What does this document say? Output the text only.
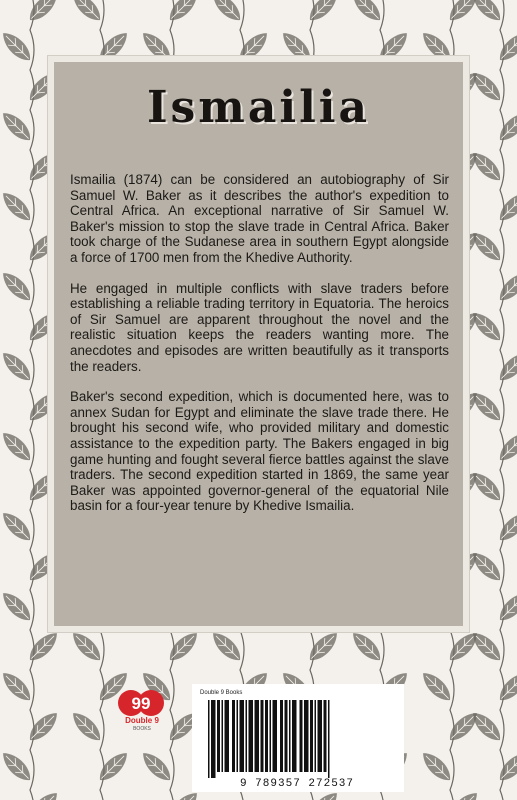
Ismailia

Ismailia (1874) can be considered an autobiography of Sir Samuel W. Baker as it describes the author's expedition to Central Africa. An exceptional narrative of Sir Samuel W. Baker's mission to stop the slave trade in Central Africa. Baker took charge of the Sudanese area in southern Egypt alongside a force of 1700 men from the Khedive Authority.

He engaged in multiple conflicts with slave traders before establishing a reliable trading territory in Equatoria. The heroics of Sir Samuel are apparent throughout the novel and the realistic situation keeps the readers wanting more. The anecdotes and episodes are written beautifully as it transports the readers.

Baker's second expedition, which is documented here, was to annex Sudan for Egypt and eliminate the slave trade there. He brought his second wife, who provided military and domestic assistance to the expedition party. The Bakers engaged in big game hunting and fought several fierce battles against the slave traders. The second expedition started in 1869, the same year Baker was appointed governor-general of the equatorial Nile basin for a four-year tenure by Khedive Ismailia.

99
Double 9
BOOKS
Double 9 Books
9 789357 272537
